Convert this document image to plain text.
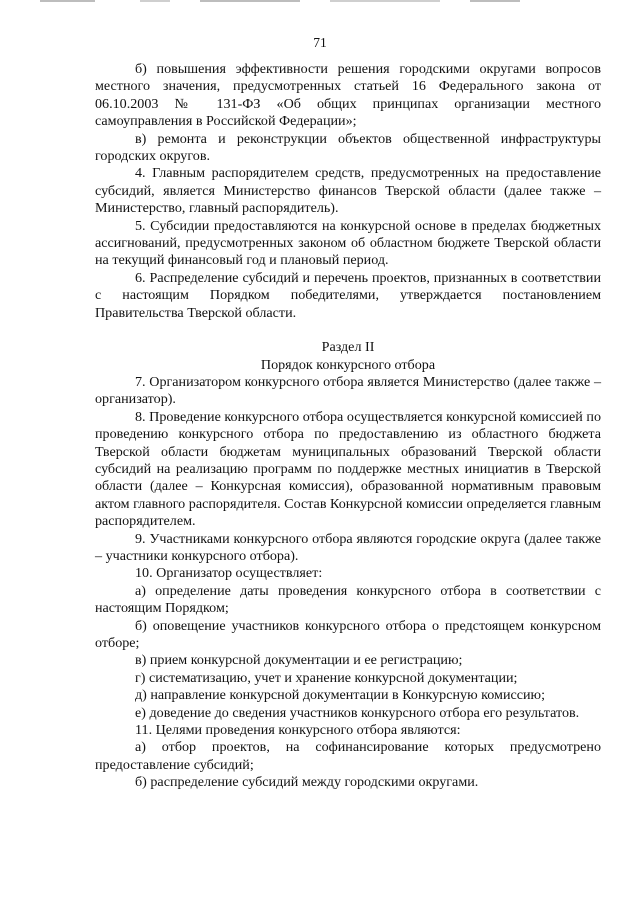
71

б) повышения эффективности решения городскими округами вопросов местного значения, предусмотренных статьей 16 Федерального закона от 06.10.2003 № 131-ФЗ «Об общих принципах организации местного самоуправления в Российской Федерации»;

в) ремонта и реконструкции объектов общественной инфраструктуры городских округов.

4. Главным распорядителем средств, предусмотренных на предоставление субсидий, является Министерство финансов Тверской области (далее также – Министерство, главный распорядитель).

5. Субсидии предоставляются на конкурсной основе в пределах бюджетных ассигнований, предусмотренных законом об областном бюджете Тверской области на текущий финансовый год и плановый период.

6. Распределение субсидий и перечень проектов, признанных в соответствии с настоящим Порядком победителями, утверждается постановлением Правительства Тверской области.

Раздел II

Порядок конкурсного отбора

7. Организатором конкурсного отбора является Министерство (далее также – организатор).

8. Проведение конкурсного отбора осуществляется конкурсной комиссией по проведению конкурсного отбора по предоставлению из областного бюджета Тверской области бюджетам муниципальных образований Тверской области субсидий на реализацию программ по поддержке местных инициатив в Тверской области (далее – Конкурсная комиссия), образованной нормативным правовым актом главного распорядителя. Состав Конкурсной комиссии определяется главным распорядителем.

9. Участниками конкурсного отбора являются городские округа (далее также – участники конкурсного отбора).

10. Организатор осуществляет:

а) определение даты проведения конкурсного отбора в соответствии с настоящим Порядком;

б) оповещение участников конкурсного отбора о предстоящем конкурсном отборе;

в) прием конкурсной документации и ее регистрацию;

г) систематизацию, учет и хранение конкурсной документации;

д) направление конкурсной документации в Конкурсную комиссию;

е) доведение до сведения участников конкурсного отбора его результатов.

11. Целями проведения конкурсного отбора являются:

а) отбор проектов, на софинансирование которых предусмотрено предоставление субсидий;

б) распределение субсидий между городскими округами.
